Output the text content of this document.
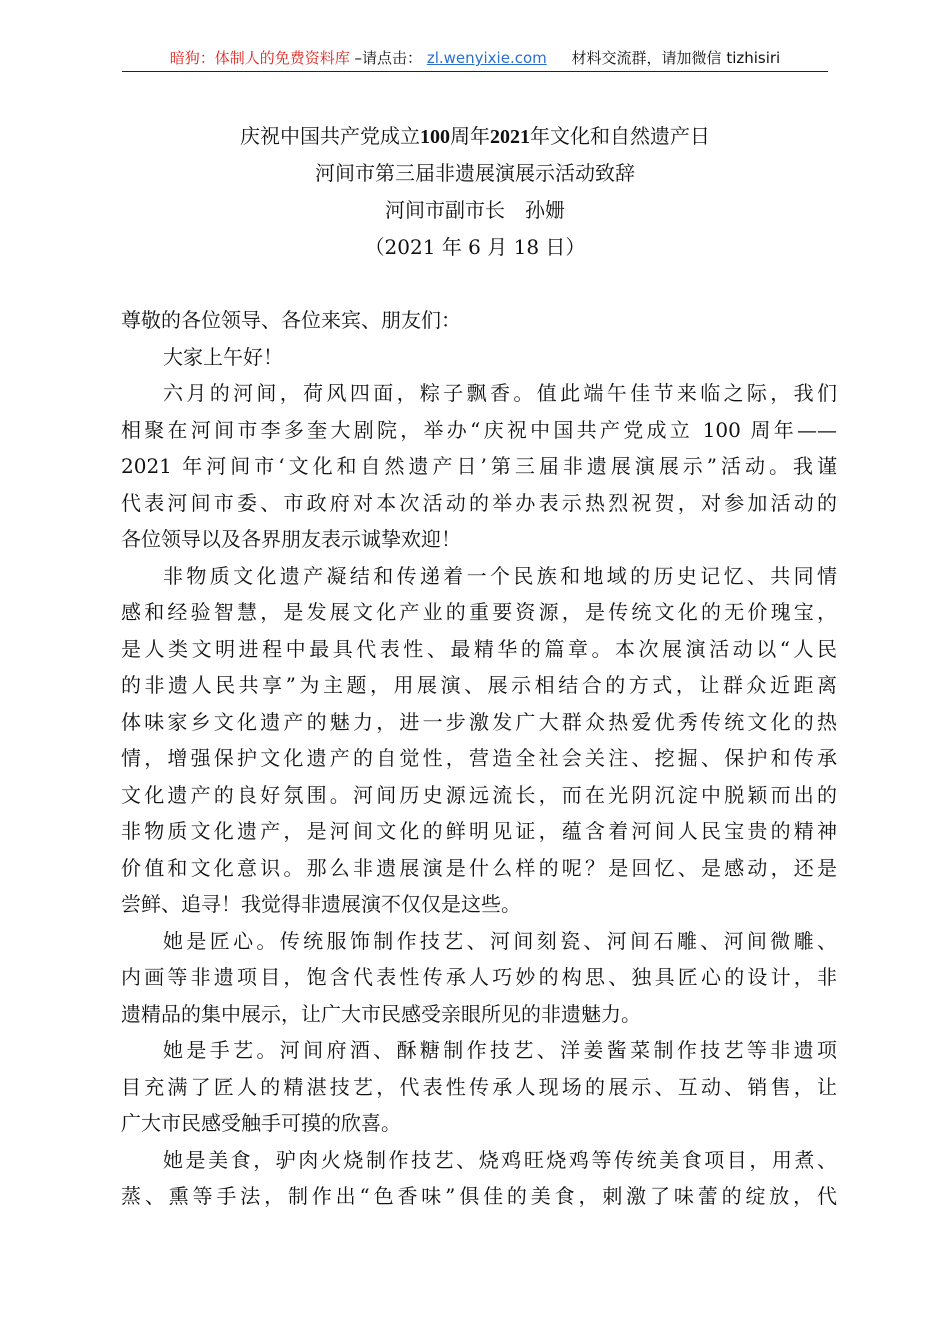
暗狗：体制人的免费资料库 –请点击： zl.wenyixie.com 材料交流群，请加微信 tizhisiri
庆祝中国共产党成立100周年2021年文化和自然遗产日
河间市第三届非遗展演展示活动致辞
河间市副市长　孙姗
（2021 年 6 月 18 日）
尊敬的各位领导、各位来宾、朋友们：
大家上午好！
六月的河间，荷风四面，粽子飘香。值此端午佳节来临之际，我们
相聚在河间市李多奎大剧院，举办“庆祝中国共产党成立 100 周年——
2021 年河间市‘文化和自然遗产日’第三届非遗展演展示”活动。我谨
代表河间市委、市政府对本次活动的举办表示热烈祝贺，对参加活动的
各位领导以及各界朋友表示诚挚欢迎！
非物质文化遗产凝结和传递着一个民族和地域的历史记忆、共同情
感和经验智慧，是发展文化产业的重要资源，是传统文化的无价瑰宝，
是人类文明进程中最具代表性、最精华的篇章。本次展演活动以“人民
的非遗人民共享”为主题，用展演、展示相结合的方式，让群众近距离
体味家乡文化遗产的魅力，进一步激发广大群众热爱优秀传统文化的热
情，增强保护文化遗产的自觉性，营造全社会关注、挖掘、保护和传承
文化遗产的良好氛围。河间历史源远流长，而在光阴沉淀中脱颖而出的
非物质文化遗产，是河间文化的鲜明见证，蕴含着河间人民宝贵的精神
价值和文化意识。那么非遗展演是什么样的呢？是回忆、是感动，还是
尝鲜、追寻！我觉得非遗展演不仅仅是这些。
她是匠心。传统服饰制作技艺、河间刻瓷、河间石雕、河间微雕、
内画等非遗项目，饱含代表性传承人巧妙的构思、独具匠心的设计，非
遗精品的集中展示，让广大市民感受亲眼所见的非遗魅力。
她是手艺。河间府酒、酥糖制作技艺、洋姜酱菜制作技艺等非遗项
目充满了匠人的精湛技艺，代表性传承人现场的展示、互动、销售，让
广大市民感受触手可摸的欣喜。
她是美食，驴肉火烧制作技艺、烧鸡旺烧鸡等传统美食项目，用煮、
蒸、熏等手法，制作出“色香味”俱佳的美食，刺激了味蕾的绽放，代
